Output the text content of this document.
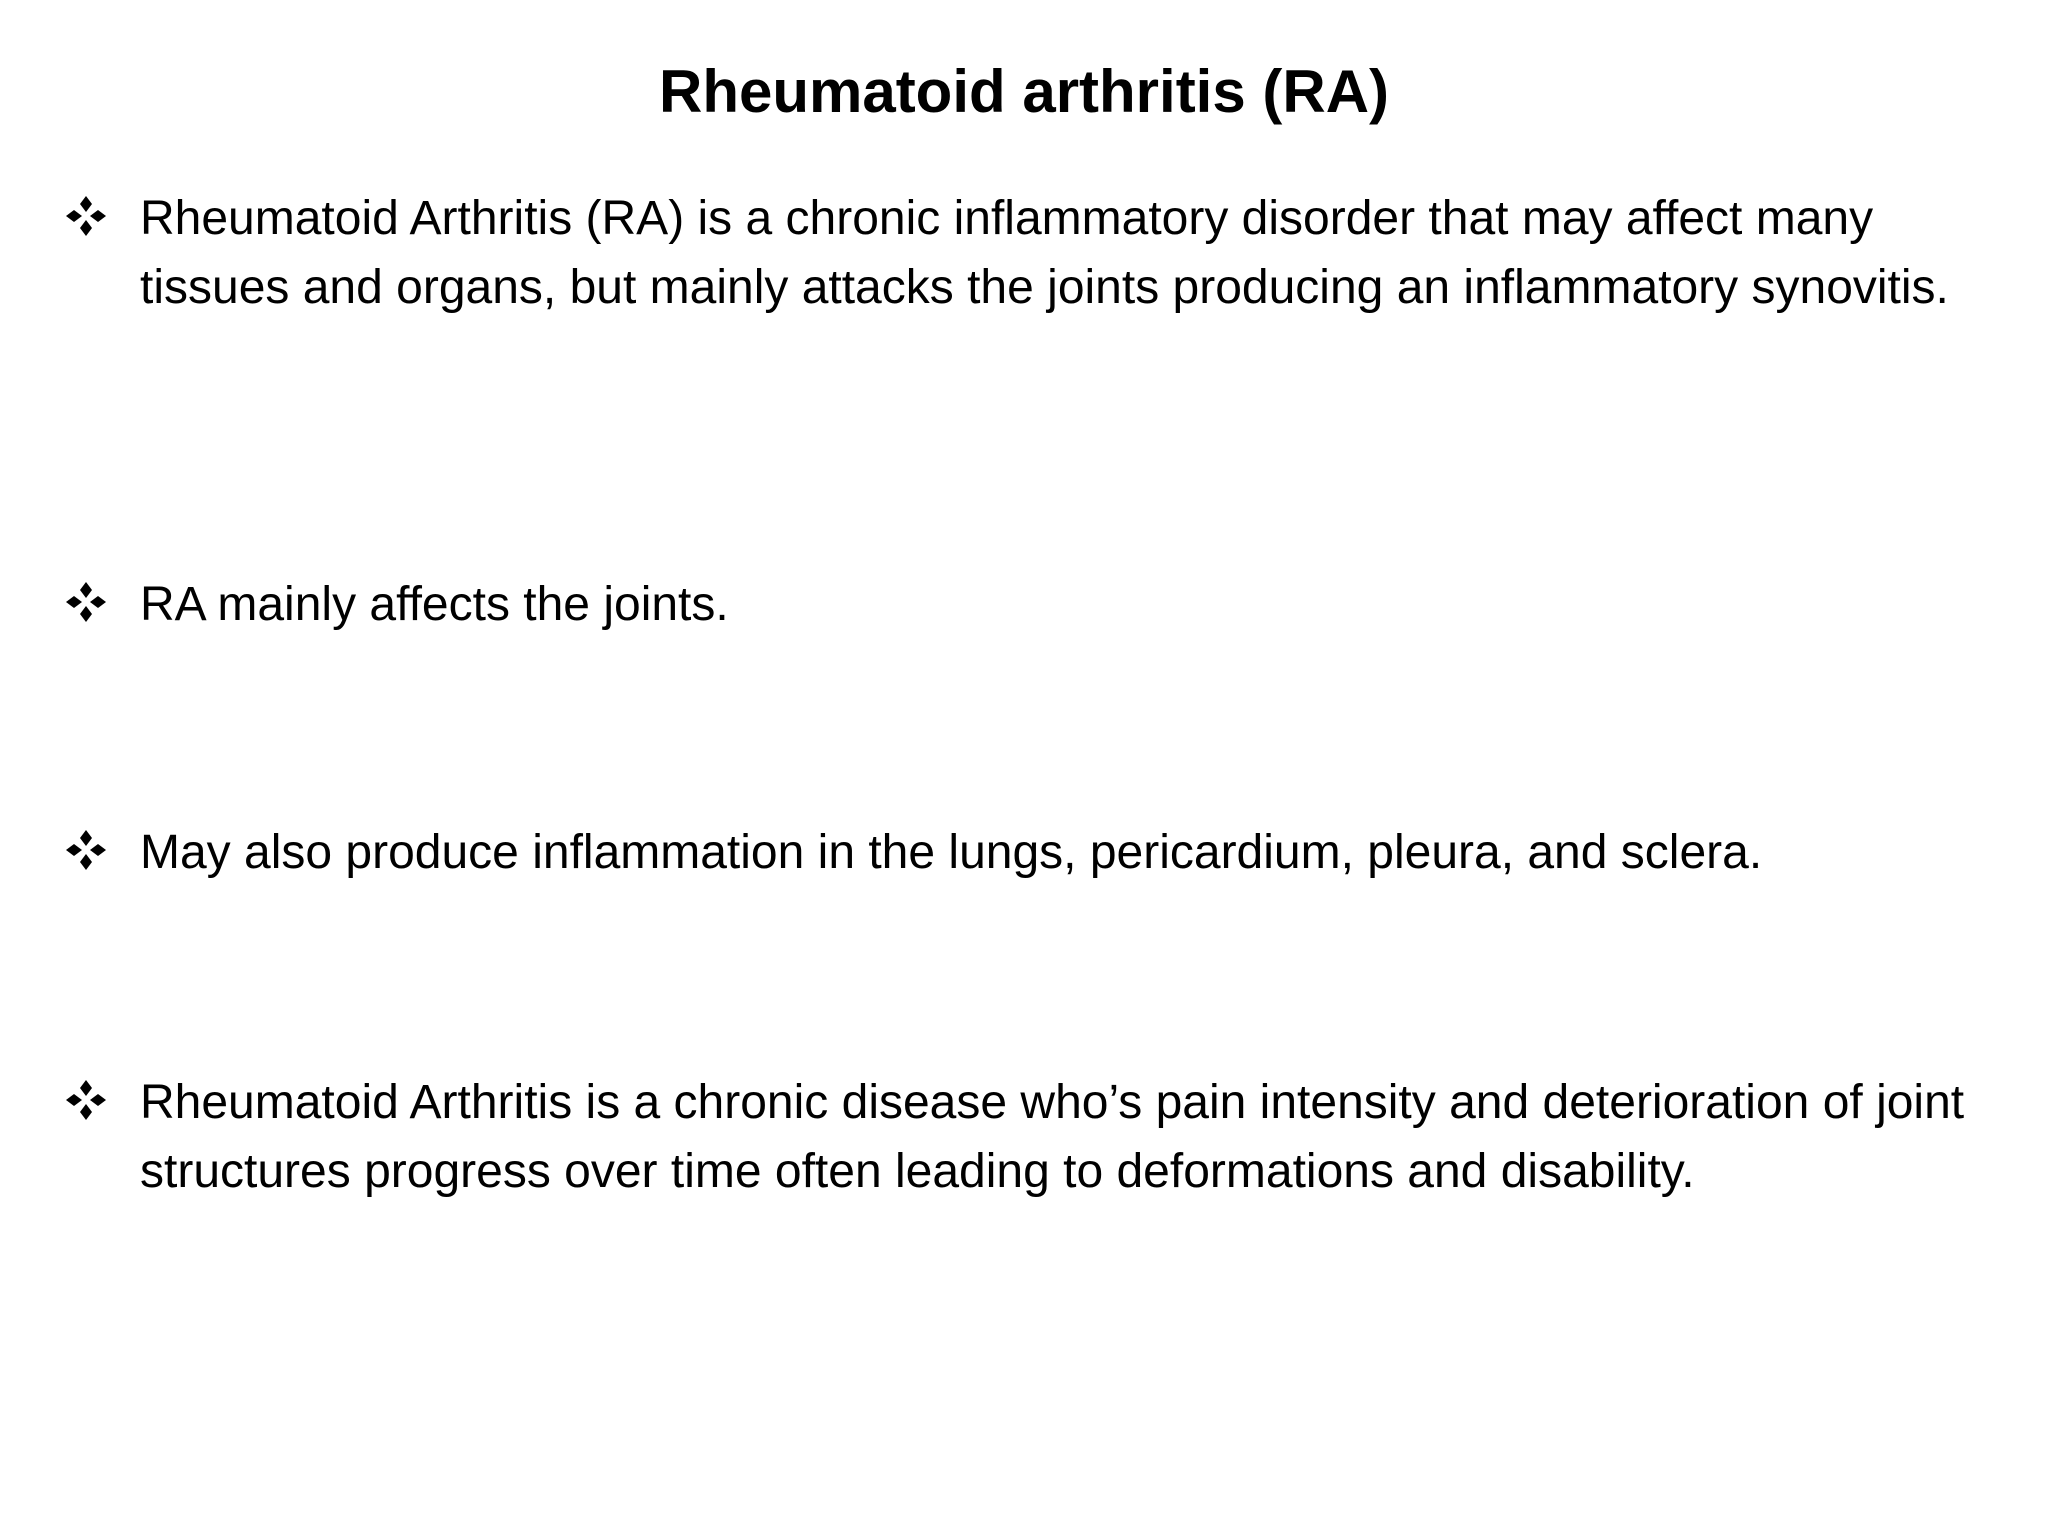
Rheumatoid arthritis (RA)
Rheumatoid Arthritis (RA) is a chronic inflammatory disorder that may affect many tissues and organs, but mainly attacks the joints producing an inflammatory synovitis.
RA mainly affects the joints.
May also produce inflammation in the lungs, pericardium, pleura, and sclera.
Rheumatoid Arthritis is a chronic disease who’s pain intensity and deterioration of joint structures progress over time often leading to deformations and disability.
